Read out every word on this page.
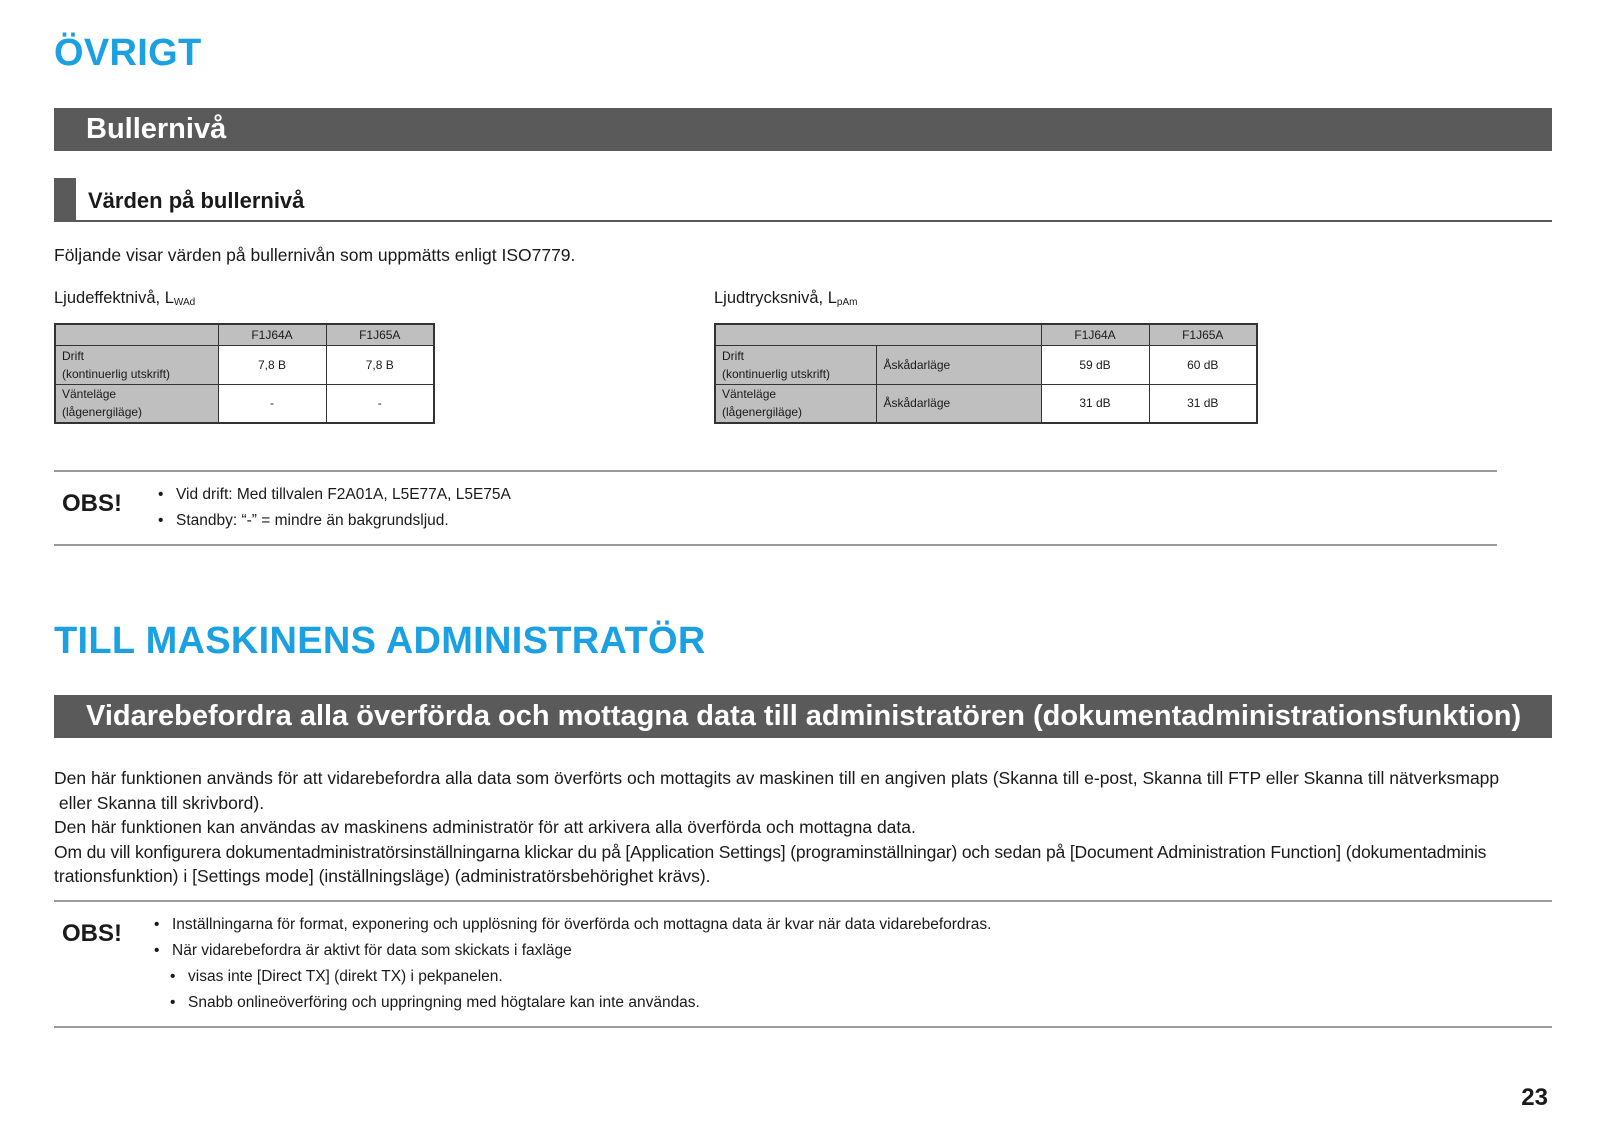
ÖVRIGT
Bullernivå
Värden på bullernivå
Följande visar värden på bullernivån som uppmätts enligt ISO7779.
Ljudeffektnivå, $L_{WAd}$
	F1J64A	F1J65A
Drift
(kontinuerlig utskrift)	7,8 B	7,8 B
Vänteläge
(lågenergiläge)	-	-
Ljudtrycksnivå, $L_{pAm}$
		F1J64A	F1J65A
Drift
(kontinuerlig utskrift)	Åskådarläge	59 dB	60 dB
Vänteläge
(lågenergiläge)	Åskådarläge	31 dB	31 dB
OBS!	• Vid drift: Med tillvalen F2A01A, L5E77A, L5E75A
• Standby: “-” = mindre än bakgrundsljud.
TILL MASKINENS ADMINISTRATÖR
Vidarebefordra alla överförda och mottagna data till administratören (dokumentadministrationsfunktion)
Den här funktionen används för att vidarebefordra alla data som överförts och mottagits av maskinen till en angiven plats (Skanna till e-post, Skanna till FTP eller Skanna till nätverksmapp
eller Skanna till skrivbord).
Den här funktionen kan användas av maskinens administratör för att arkivera alla överförda och mottagna data.
Om du vill konfigurera dokumentadministratörsinställningarna klickar du på [Application Settings] (programinställningar) och sedan på [Document Administration Function] (dokumentadminis
trationsfunktion) i [Settings mode] (inställningsläge) (administratörsbehörighet krävs).
OBS!	• Inställningarna för format, exponering och upplösning för överförda och mottagna data är kvar när data vidarebefordras.
• När vidarebefordra är aktivt för data som skickats i faxläge
• visas inte [Direct TX] (direkt TX) i pekpanelen.
• Snabb onlineöverföring och uppringning med högtalare kan inte användas.
23
